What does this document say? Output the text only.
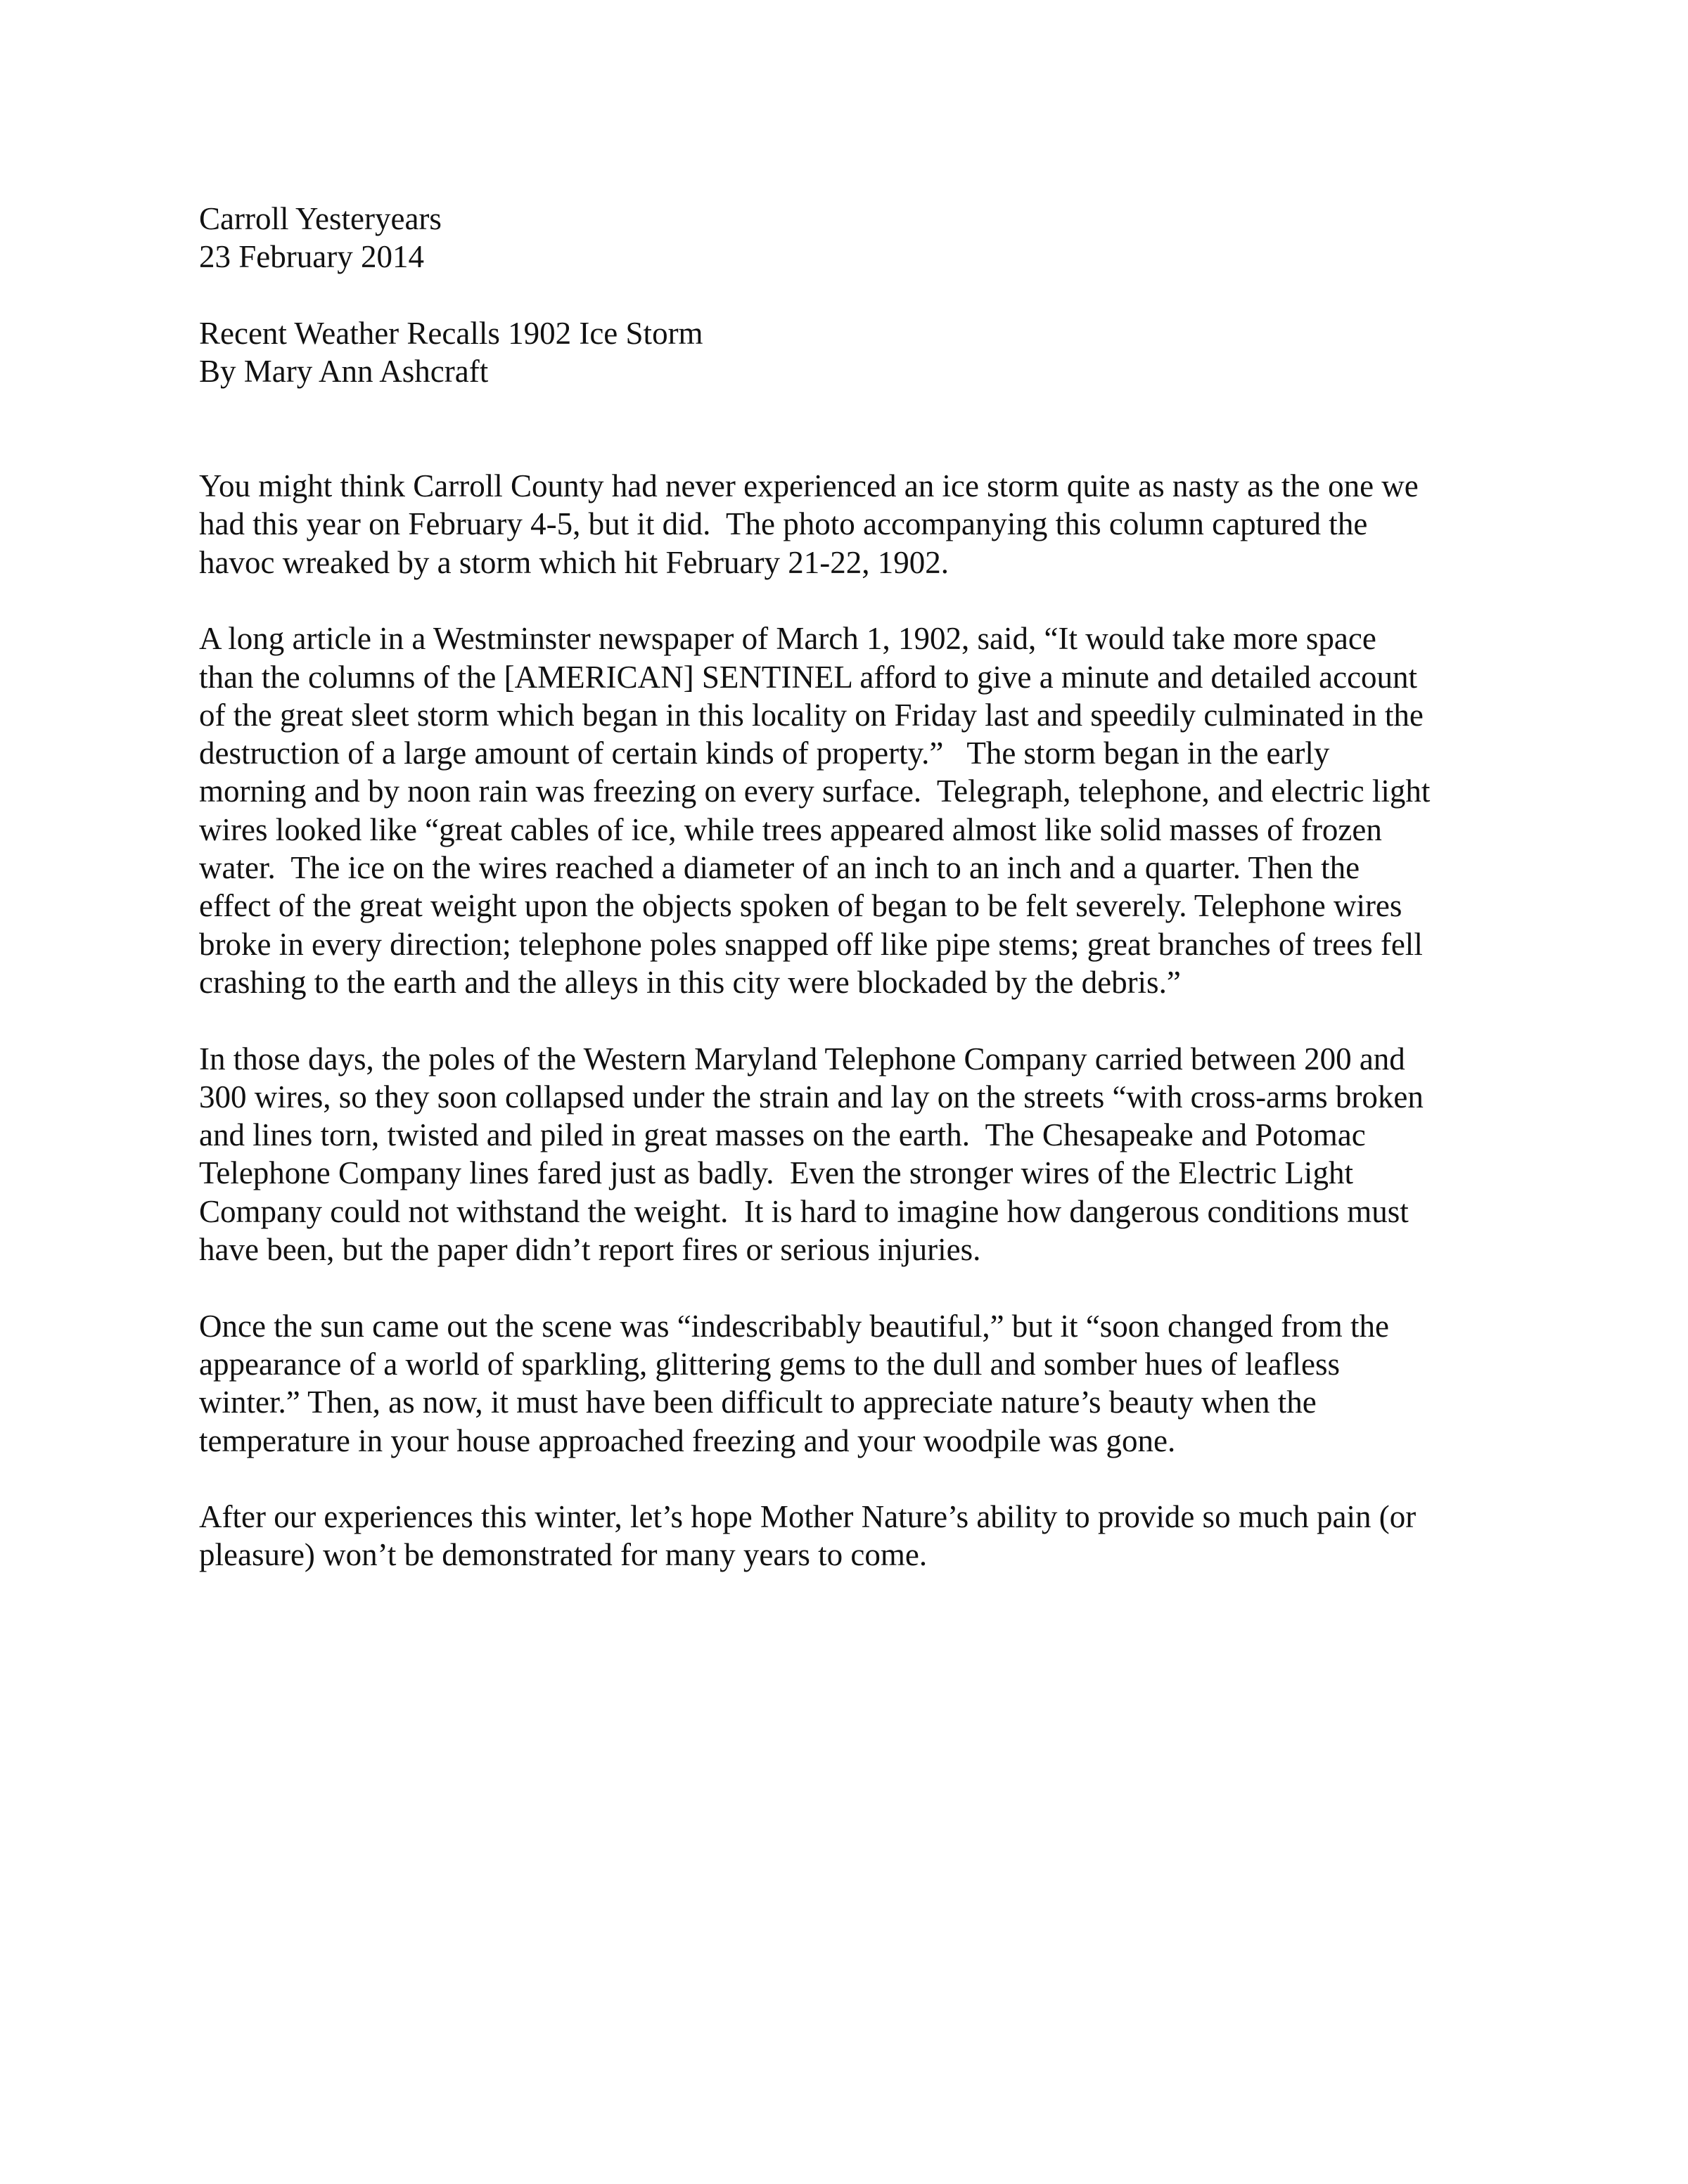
Carroll Yesteryears
23 February 2014
Recent Weather Recalls 1902 Ice Storm
By Mary Ann Ashcraft
You might think Carroll County had never experienced an ice storm quite as nasty as the one we
had this year on February 4-5, but it did.  The photo accompanying this column captured the
havoc wreaked by a storm which hit February 21-22, 1902.
A long article in a Westminster newspaper of March 1, 1902, said, “It would take more space
than the columns of the [AMERICAN] SENTINEL afford to give a minute and detailed account
of the great sleet storm which began in this locality on Friday last and speedily culminated in the
destruction of a large amount of certain kinds of property.”   The storm began in the early
morning and by noon rain was freezing on every surface.  Telegraph, telephone, and electric light
wires looked like “great cables of ice, while trees appeared almost like solid masses of frozen
water.  The ice on the wires reached a diameter of an inch to an inch and a quarter. Then the
effect of the great weight upon the objects spoken of began to be felt severely. Telephone wires
broke in every direction; telephone poles snapped off like pipe stems; great branches of trees fell
crashing to the earth and the alleys in this city were blockaded by the debris.”
In those days, the poles of the Western Maryland Telephone Company carried between 200 and
300 wires, so they soon collapsed under the strain and lay on the streets “with cross-arms broken
and lines torn, twisted and piled in great masses on the earth.  The Chesapeake and Potomac
Telephone Company lines fared just as badly.  Even the stronger wires of the Electric Light
Company could not withstand the weight.  It is hard to imagine how dangerous conditions must
have been, but the paper didn’t report fires or serious injuries.
Once the sun came out the scene was “indescribably beautiful,” but it “soon changed from the
appearance of a world of sparkling, glittering gems to the dull and somber hues of leafless
winter.” Then, as now, it must have been difficult to appreciate nature’s beauty when the
temperature in your house approached freezing and your woodpile was gone.
After our experiences this winter, let’s hope Mother Nature’s ability to provide so much pain (or
pleasure) won’t be demonstrated for many years to come.
